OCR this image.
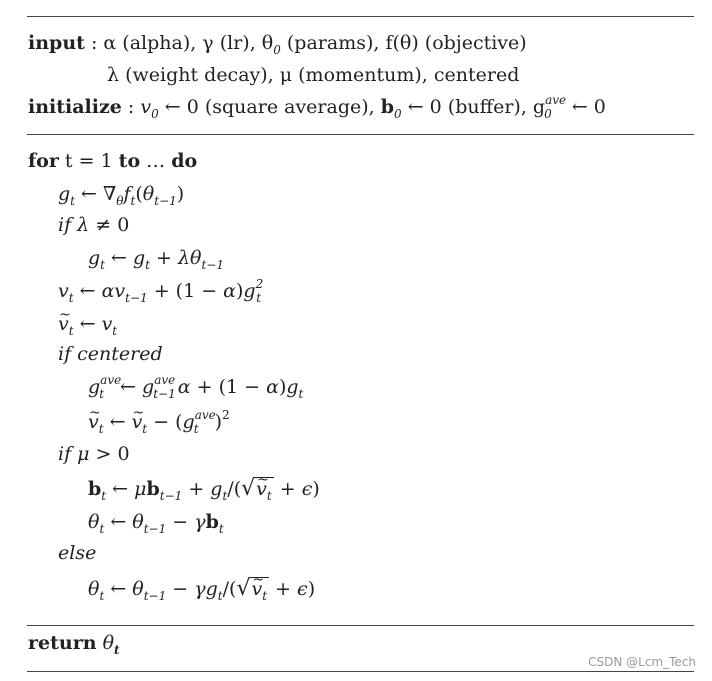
input : α (alpha), γ (lr), $\theta_0$ (params), f(θ) (objective)
λ (weight decay), μ (momentum), centered
initialize : $v_0$ ← 0 (square average), $b_0$ ← 0 (buffer), $g^{ave}_0$ ← 0
for t = 1 to … do
$g_t$ ← $\nabla_\theta f_t(\theta_{t-1})$
if λ ≠ 0
$g_t$ ← $g_t + \lambda\theta_{t-1}$
$v_t$ ← $\alpha v_{t-1} + (1 - \alpha)g^2_t$
~ $v_t$ ← $v_t$
if centered
$g^{ave}_t$ ← $g^{ave}_{t-1}$ $\alpha + (1 - \alpha)g_t$
~ $v_t$ ← ~ $v_t - (g^{ave}_t$ )$^2$
if μ > 0
$b_t$ ← $\mu b_{t-1}$ + $g_t/(√\sim$ $v_t + \epsilon$)
$\theta_t$ ← $\theta_{t-1} - \gamma b_t$
else
$\theta_t$ ← $\theta_{t-1}$ − $\gamma g_t/(√\sim$ $v_t + \epsilon$)
return $\theta_t$
CSDN @Lcm_Tech
